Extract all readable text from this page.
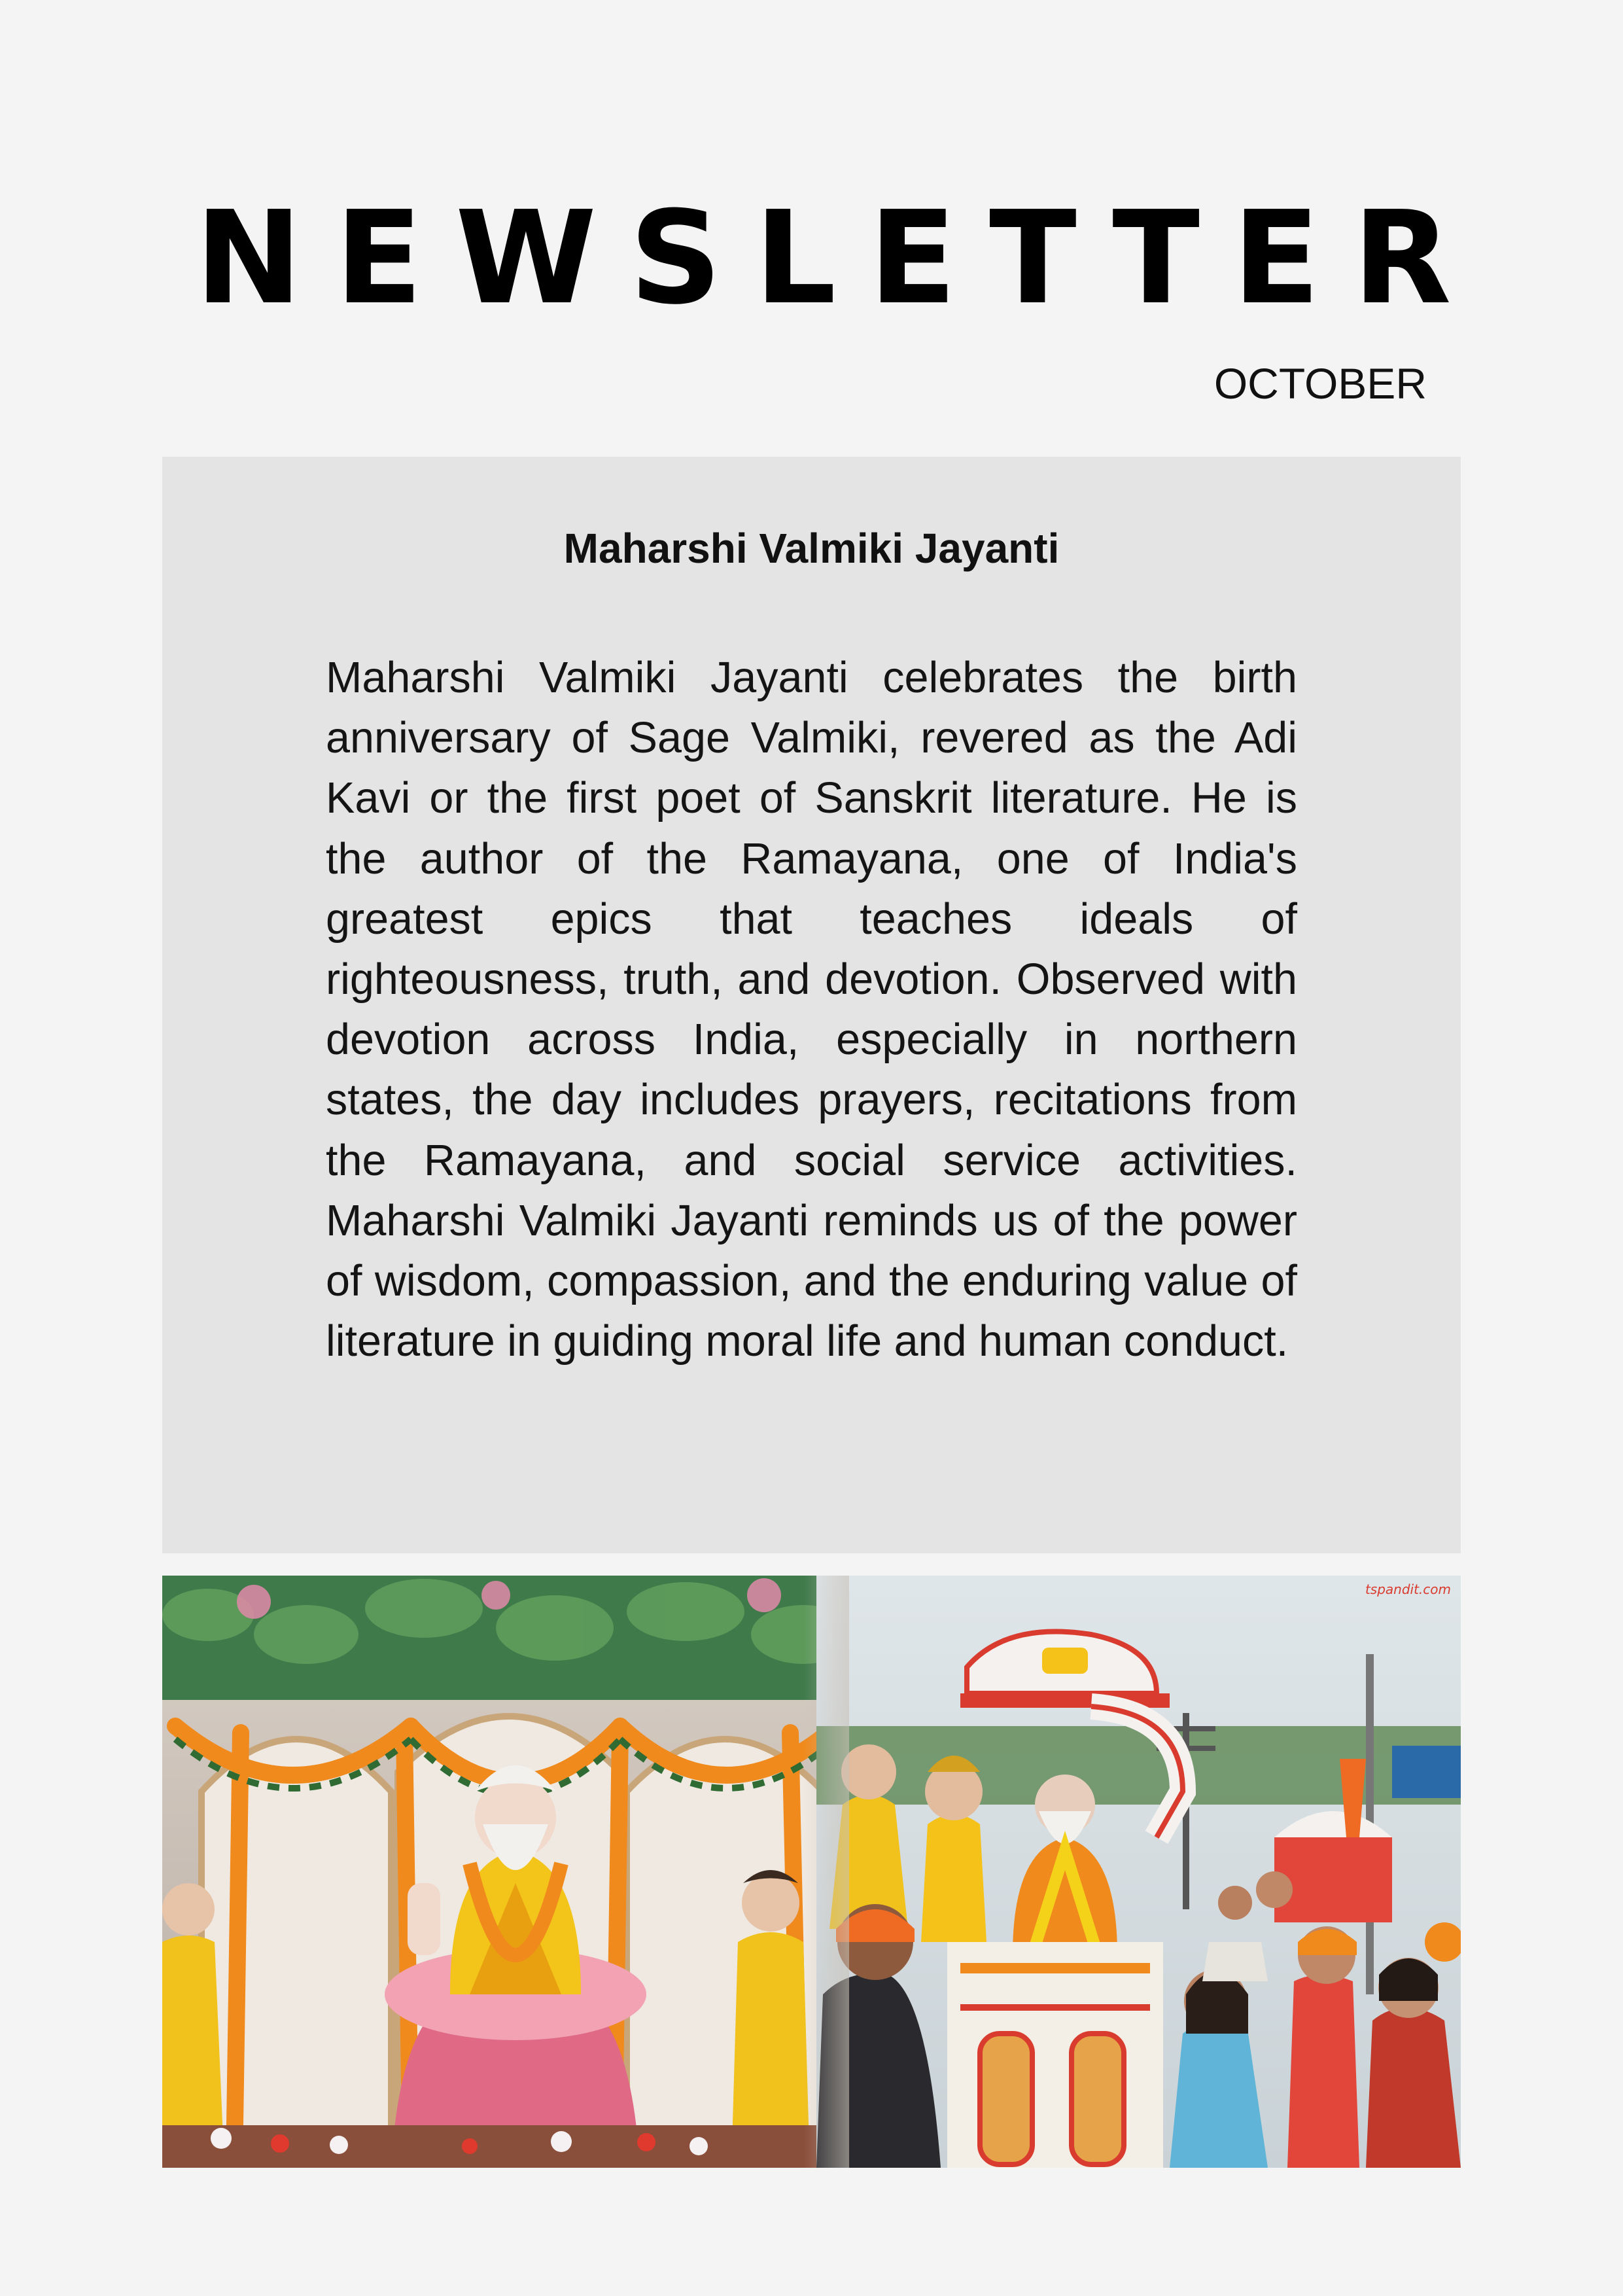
NEWSLETTER
OCTOBER
Maharshi Valmiki Jayanti

Maharshi Valmiki Jayanti celebrates the birth anniversary of Sage Valmiki, revered as the Adi Kavi or the first poet of Sanskrit literature. He is the author of the Ramayana, one of India's greatest epics that teaches ideals of righteousness, truth, and devotion. Observed with devotion across India, especially in northern states, the day includes prayers, recitations from the Ramayana, and social service activities. Maharshi Valmiki Jayanti reminds us of the power of wisdom, compassion, and the enduring value of literature in guiding moral life and human conduct.

tspandit.com
